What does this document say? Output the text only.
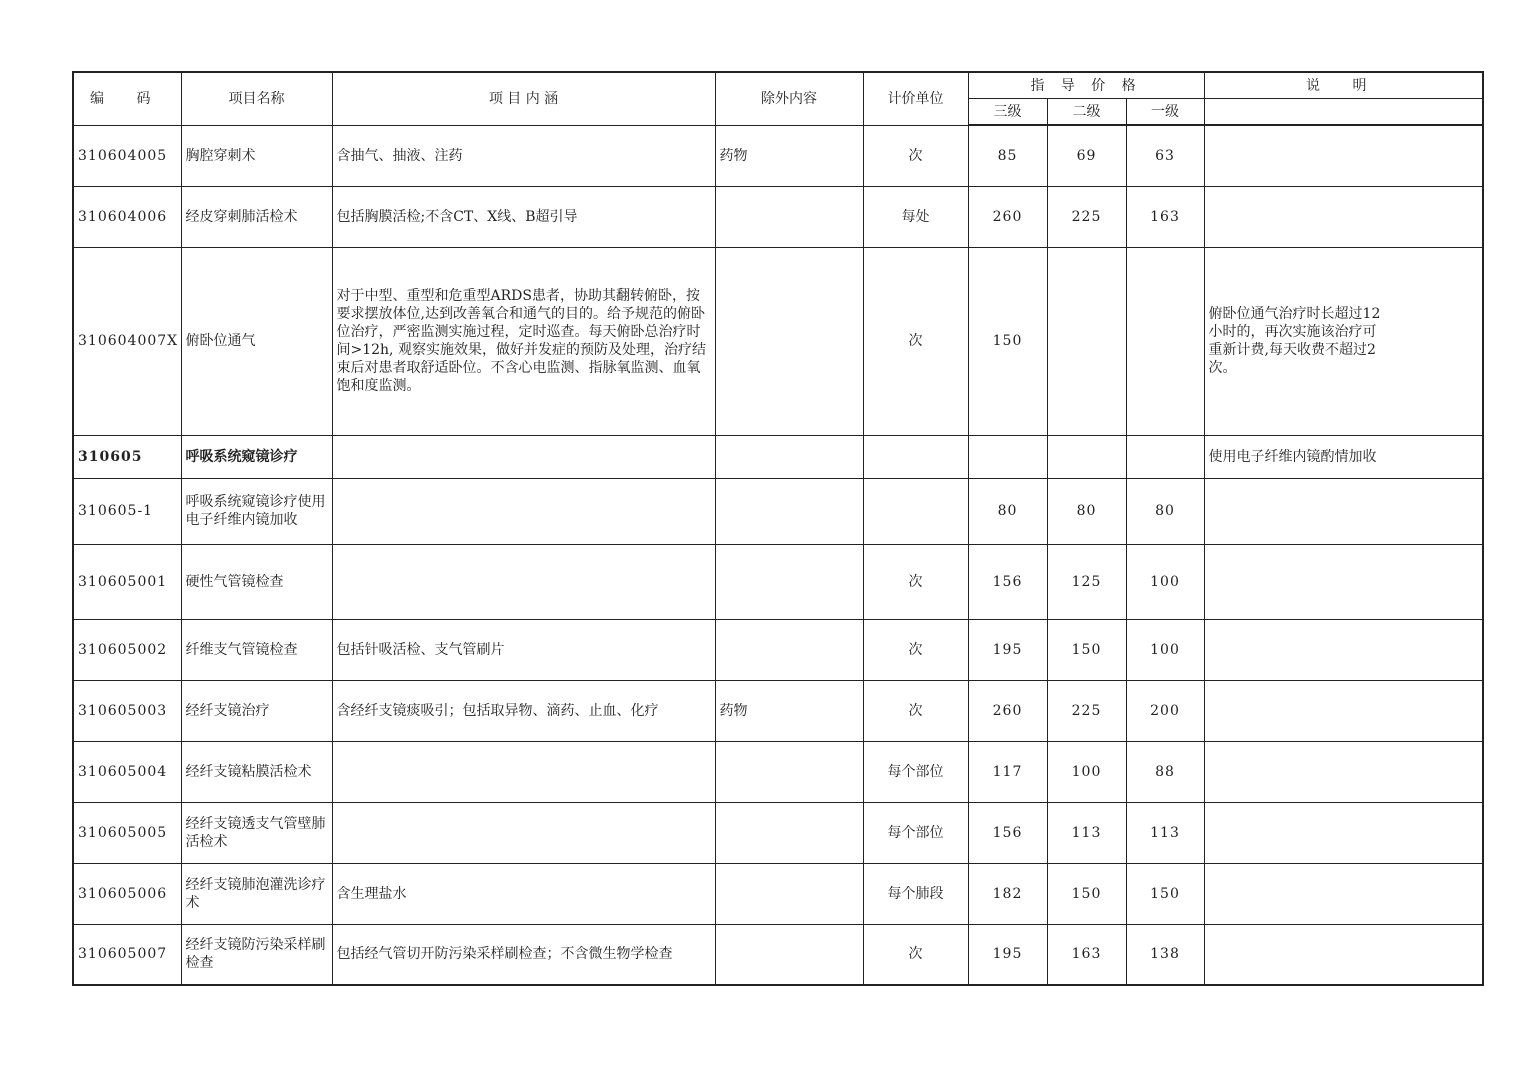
编 码	项目名称	项 目 内 涵	除外内容	计价单位	指 导 价 格			说 明
					三级	二级	一级	
310604005	胸腔穿刺术	含抽气、抽液、注药	药物	次	85	69	63	
310604006	经皮穿刺肺活检术	包括胸膜活检;不含CT、X线、B超引导		每处	260	225	163	
310604007X	俯卧位通气	对于中型、重型和危重型ARDS患者，协助其翻转俯卧，按要求摆放体位,达到改善氧合和通气的目的。给予规范的俯卧位治疗，严密监测实施过程，定时巡查。每天俯卧总治疗时间>12h, 观察实施效果，做好并发症的预防及处理，治疗结束后对患者取舒适卧位。不含心电监测、指脉氧监测、血氧饱和度监测。		次	150			俯卧位通气治疗时长超过12小时的，再次实施该治疗可重新计费,每天收费不超过2次。
310605	呼吸系统窥镜诊疗							使用电子纤维内镜酌情加收
310605-1	呼吸系统窥镜诊疗使用电子纤维内镜加收				80	80	80	
310605001	硬性气管镜检查			次	156	125	100	
310605002	纤维支气管镜检查	包括针吸活检、支气管刷片		次	195	150	100	
310605003	经纤支镜治疗	含经纤支镜痰吸引；包括取异物、滴药、止血、化疗	药物	次	260	225	200	
310605004	经纤支镜粘膜活检术			每个部位	117	100	88	
310605005	经纤支镜透支气管壁肺活检术			每个部位	156	113	113	
310605006	经纤支镜肺泡灌洗诊疗术	含生理盐水		每个肺段	182	150	150	
310605007	经纤支镜防污染采样刷检查	包括经气管切开防污染采样刷检查；不含微生物学检查		次	195	163	138	
